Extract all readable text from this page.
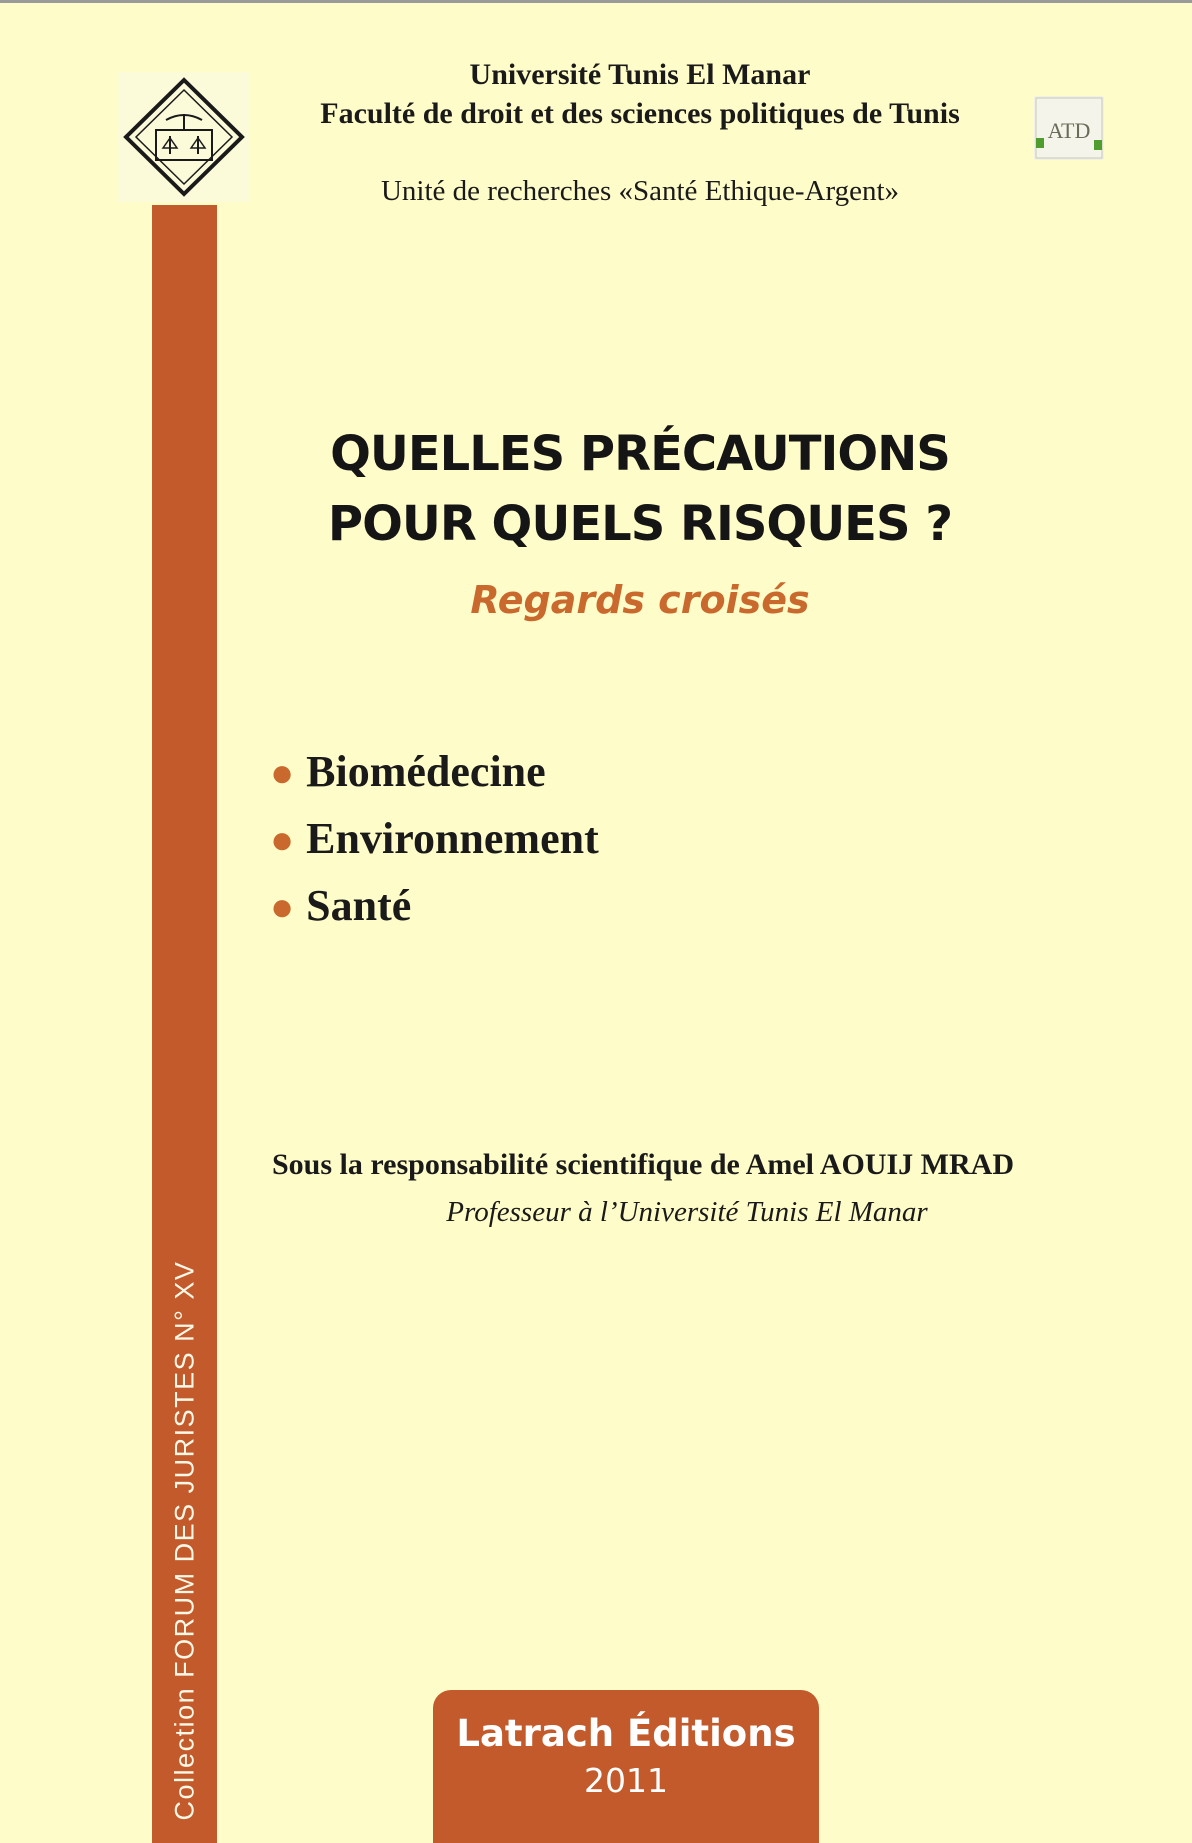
ATD
Université Tunis El Manar
Faculté de droit et des sciences politiques de Tunis
Unité de recherches «Santé Ethique-Argent»
Collection FORUM DES JURISTES N° XV
QUELLES PRÉCAUTIONS
POUR QUELS RISQUES ?
Regards croisés
● Biomédecine
● Environnement
● Santé
Sous la responsabilité scientifique de Amel AOUIJ MRAD
Professeur à l’Université Tunis El Manar
Latrach Éditions
2011
